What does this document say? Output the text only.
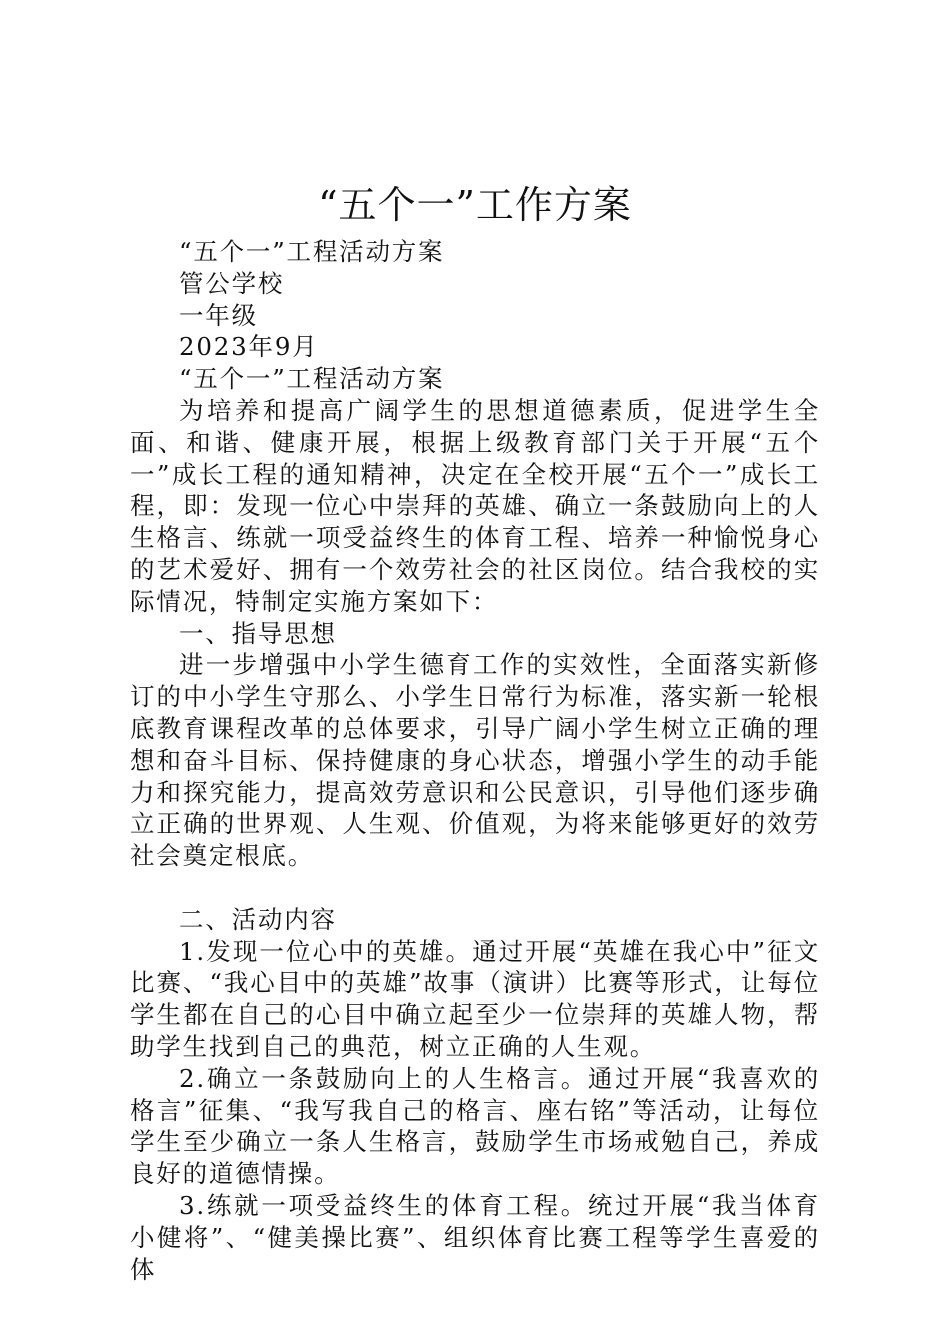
“五个一”工作方案
“五个一”工程活动方案
管公学校
一年级
2023年9月
“五个一”工程活动方案
为培养和提高广阔学生的思想道德素质，促进学生全面、和谐、健康开展，根据上级教育部门关于开展“五个一”成长工程的通知精神，决定在全校开展“五个一”成长工程，即：发现一位心中崇拜的英雄、确立一条鼓励向上的人生格言、练就一项受益终生的体育工程、培养一种愉悦身心的艺术爱好、拥有一个效劳社会的社区岗位。结合我校的实际情况，特制定实施方案如下：
一、指导思想
进一步增强中小学生德育工作的实效性，全面落实新修订的中小学生守那么、小学生日常行为标准，落实新一轮根底教育课程改革的总体要求，引导广阔小学生树立正确的理想和奋斗目标、保持健康的身心状态，增强小学生的动手能力和探究能力，提高效劳意识和公民意识，引导他们逐步确立正确的世界观、人生观、价值观，为将来能够更好的效劳社会奠定根底。
二、活动内容
1.发现一位心中的英雄。通过开展“英雄在我心中”征文比赛、“我心目中的英雄”故事（演讲）比赛等形式，让每位学生都在自己的心目中确立起至少一位崇拜的英雄人物，帮助学生找到自己的典范，树立正确的人生观。
2.确立一条鼓励向上的人生格言。通过开展“我喜欢的格言”征集、“我写我自己的格言、座右铭”等活动，让每位学生至少确立一条人生格言，鼓励学生市场戒勉自己，养成良好的道德情操。
3.练就一项受益终生的体育工程。统过开展“我当体育小健将”、“健美操比赛”、组织体育比赛工程等学生喜爱的体
